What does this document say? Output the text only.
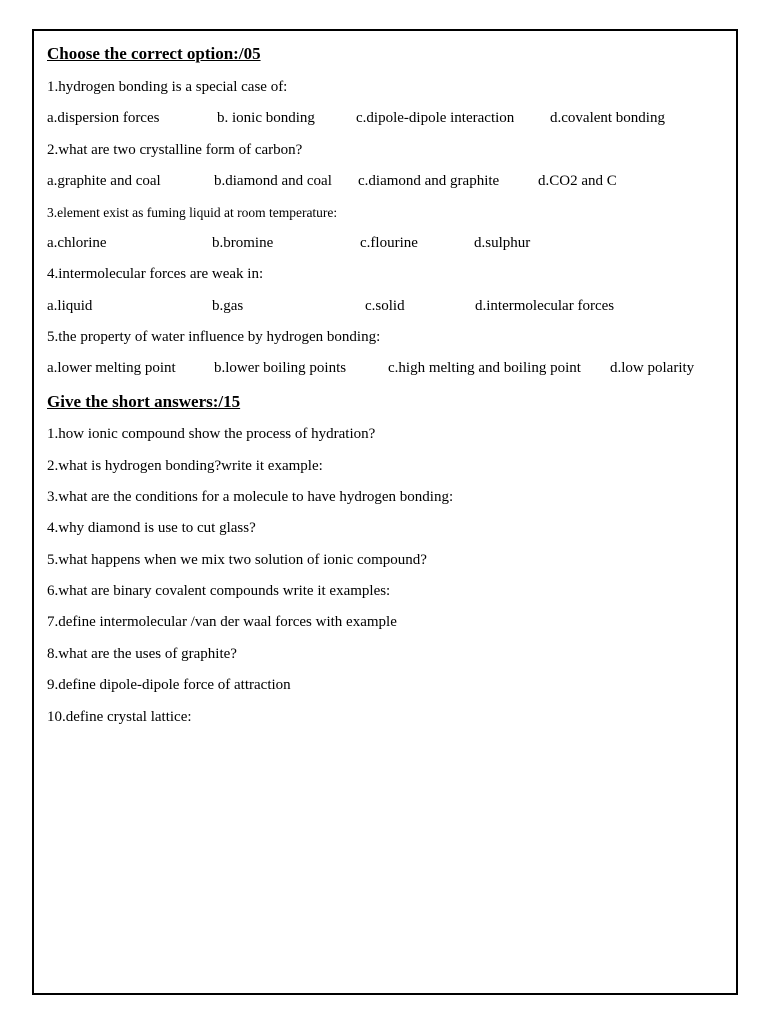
Choose the correct option:/05
1.hydrogen bonding is a special case of:
a.dispersion forces	b. ionic bonding	c.dipole-dipole interaction d.covalent bonding
2.what are two crystalline form of carbon?
a.graphite and coal	b.diamond and coal c.diamond and graphite	d.CO2 and C
3.element exist as fuming liquid at room temperature:
a.chlorine	b.bromine	c.flourine	d.sulphur
4.intermolecular forces are weak in:
a.liquid	b.gas	c.solid	d.intermolecular forces
5.the property of water influence by hydrogen bonding:
a.lower melting point	b.lower boiling points	c.high melting and boiling point d.low polarity
Give the short answers:/15
1.how ionic compound show the process of hydration?
2.what is hydrogen bonding?write it example:
3.what are the conditions for a molecule to have hydrogen bonding:
4.why diamond is use to cut glass?
5.what happens when we mix two solution of ionic compound?
6.what are binary covalent compounds write it examples:
7.define intermolecular /van der waal forces with example
8.what are the uses of graphite?
9.define dipole-dipole force of attraction
10.define crystal lattice:
